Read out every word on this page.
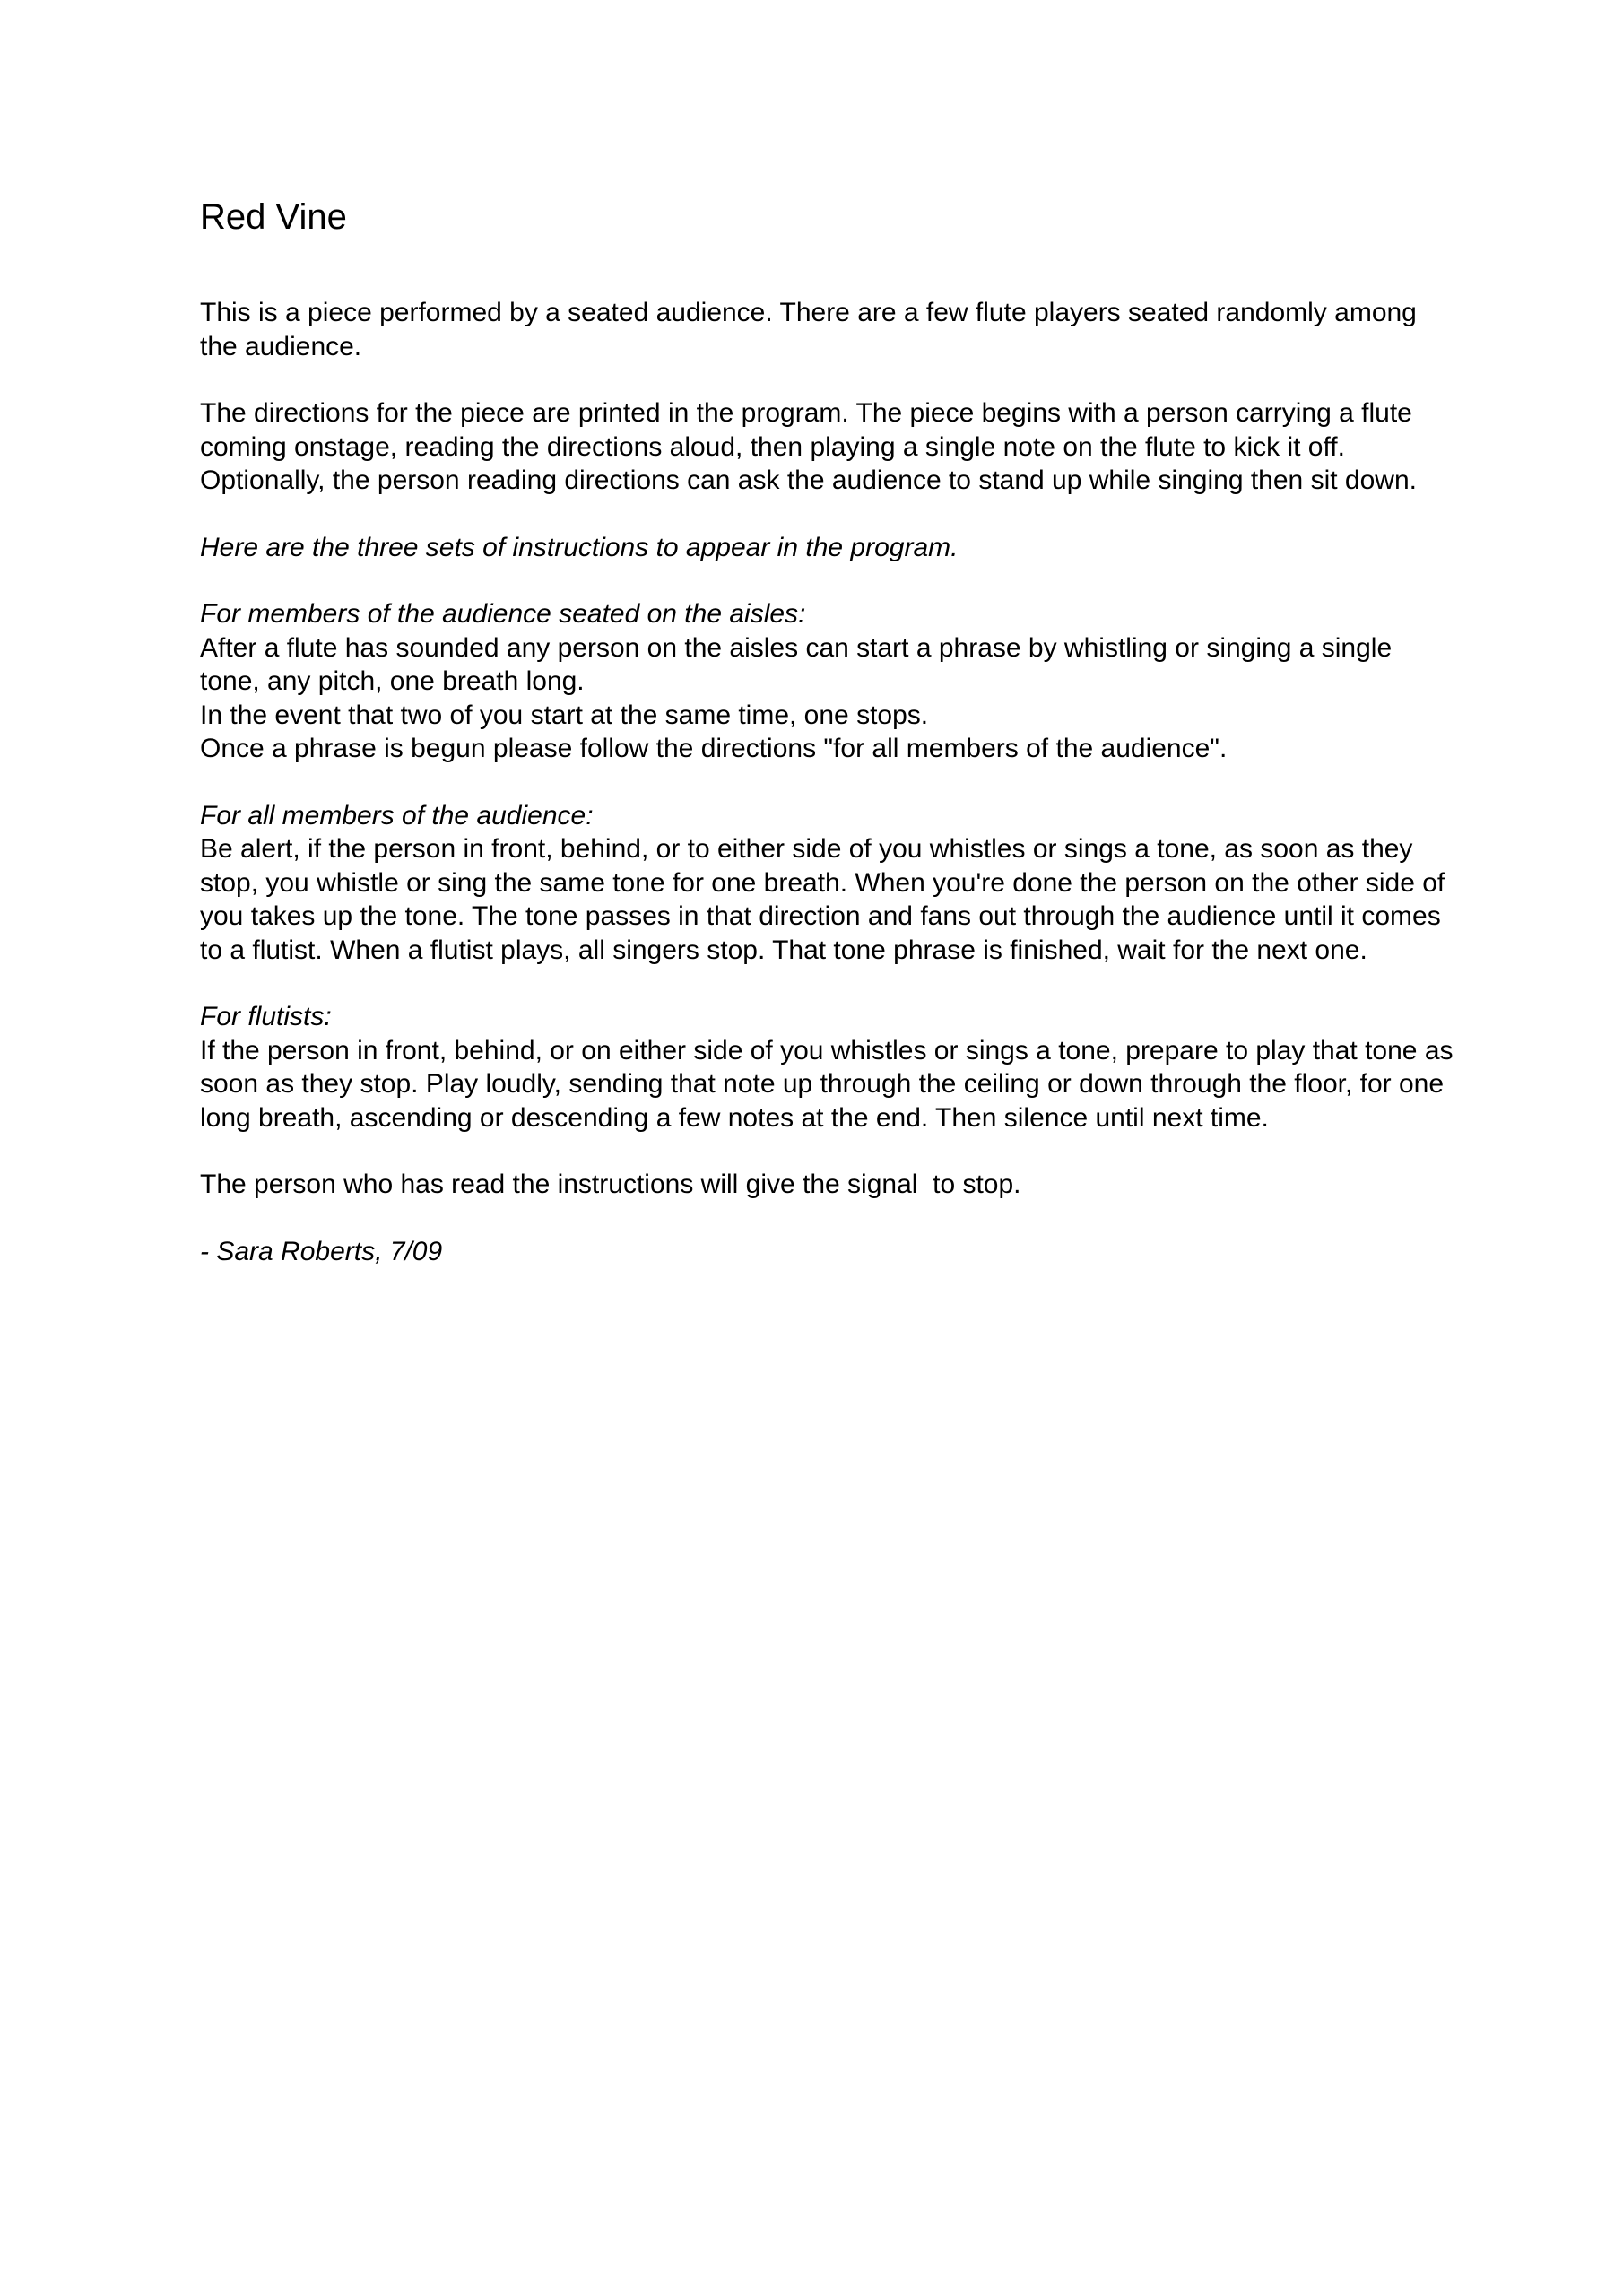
Red Vine

This is a piece performed by a seated audience. There are a few flute players seated randomly among the audience.

The directions for the piece are printed in the program. The piece begins with a person carrying a flute coming onstage, reading the directions aloud, then playing a single note on the flute to kick it off. Optionally, the person reading directions can ask the audience to stand up while singing then sit down.

Here are the three sets of instructions to appear in the program.

For members of the audience seated on the aisles:

After a flute has sounded any person on the aisles can start a phrase by whistling or singing a single tone, any pitch, one breath long.

In the event that two of you start at the same time, one stops.

Once a phrase is begun please follow the directions "for all members of the audience".

For all members of the audience:

Be alert, if the person in front, behind, or to either side of you whistles or sings a tone, as soon as they stop, you whistle or sing the same tone for one breath. When you're done the person on the other side of you takes up the tone. The tone passes in that direction and fans out through the audience until it comes to a flutist. When a flutist plays, all singers stop. That tone phrase is finished, wait for the next one.

For flutists:

If the person in front, behind, or on either side of you whistles or sings a tone, prepare to play that tone as soon as they stop. Play loudly, sending that note up through the ceiling or down through the floor, for one long breath, ascending or descending a few notes at the end. Then silence until next time.

The person who has read the instructions will give the signal  to stop.

- Sara Roberts, 7/09
